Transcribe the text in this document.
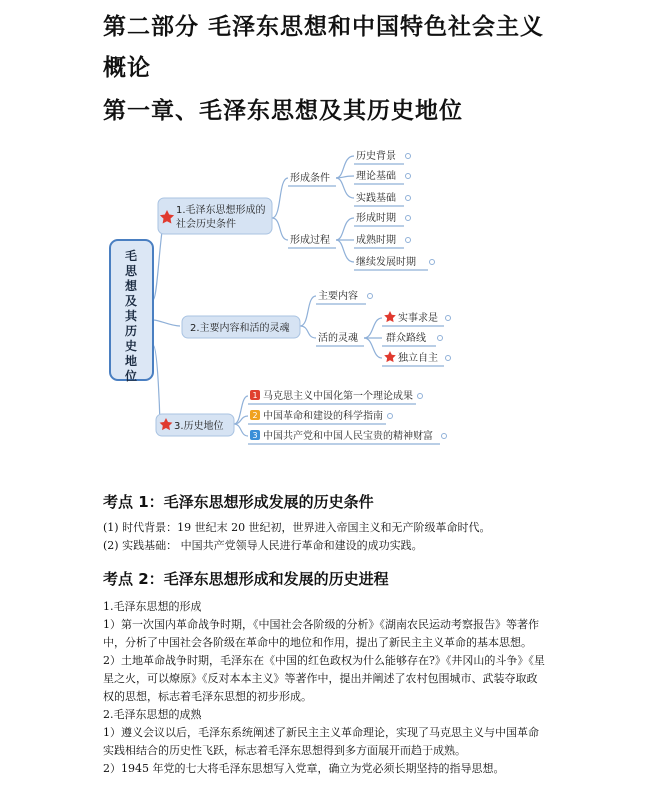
第二部分 毛泽东思想和中国特色社会主义
概论
第一章、毛泽东思想及其历史地位
毛思想及其历史地位
1.毛泽东思想形成的
社会历史条件
形成条件
形成过程
历史背景
理论基础
实践基础
形成时期
成熟时期
继续发展时期
2.主要内容和活的灵魂
主要内容
活的灵魂
实事求是
群众路线
独立自主
3.历史地位
1 马克思主义中国化第一个理论成果
2 中国革命和建设的科学指南
3 中国共产党和中国人民宝贵的精神财富
考点 1：毛泽东思想形成发展的历史条件
(1) 时代背景：19 世纪末 20 世纪初，世界进入帝国主义和无产阶级革命时代。
(2) 实践基础： 中国共产党领导人民进行革命和建设的成功实践。
考点 2：毛泽东思想形成和发展的历史进程
1.毛泽东思想的形成
1）第一次国内革命战争时期，《中国社会各阶级的分析》《湖南农民运动考察报告》等著作
中，分析了中国社会各阶级在革命中的地位和作用，提出了新民主主义革命的基本思想。
2）土地革命战争时期，毛泽东在《中国的红色政权为什么能够存在?》《井冈山的斗争》《星
星之火，可以燎原》《反对本本主义》等著作中，提出并阐述了农村包围城市、武装夺取政
权的思想，标志着毛泽东思想的初步形成。
2.毛泽东思想的成熟
1）遵义会议以后，毛泽东系统阐述了新民主主义革命理论，实现了马克思主义与中国革命
实践相结合的历史性飞跃，标志着毛泽东思想得到多方面展开而趋于成熟。
2）1945 年党的七大将毛泽东思想写入党章，确立为党必须长期坚持的指导思想。
